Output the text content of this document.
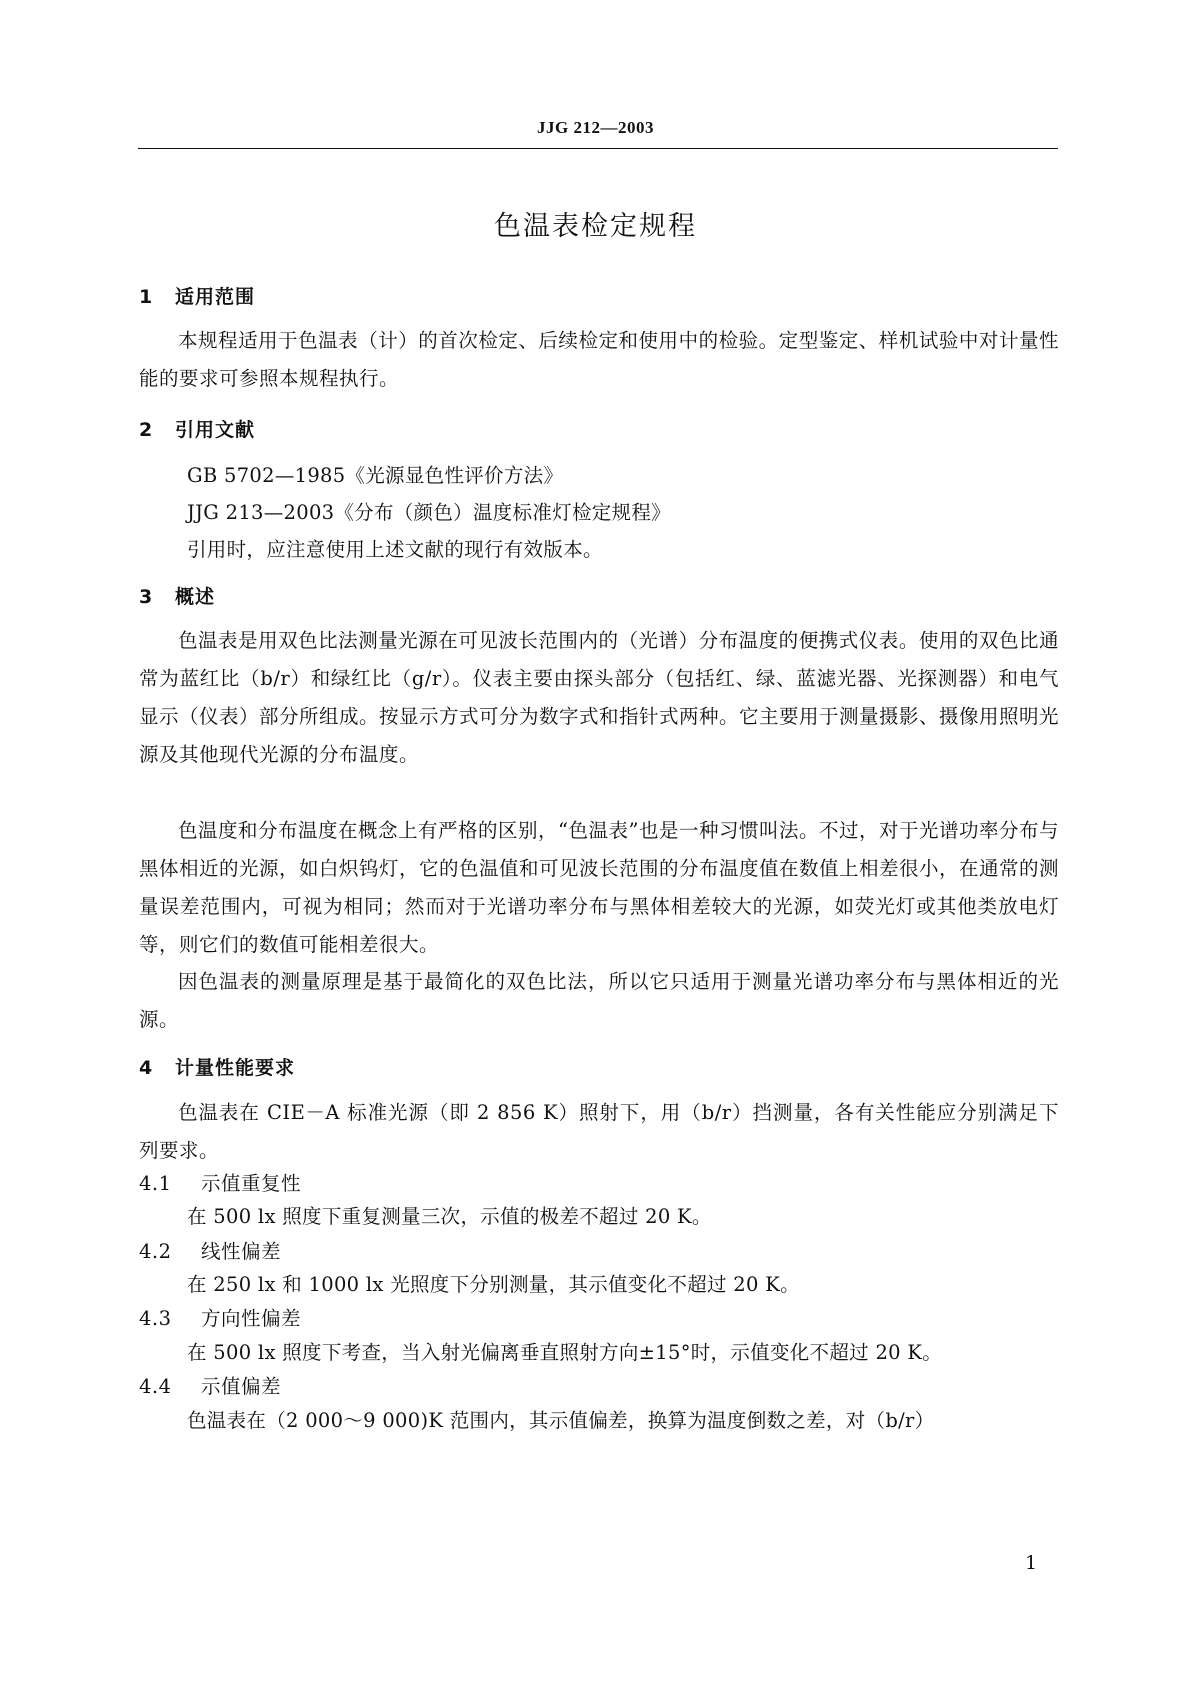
JJG 212—2003
色温表检定规程
1 适用范围
本规程适用于色温表（计）的首次检定、后续检定和使用中的检验。定型鉴定、样机试验中对计量性能的要求可参照本规程执行。
2 引用文献
GB 5702—1985《光源显色性评价方法》
JJG 213—2003《分布（颜色）温度标准灯检定规程》
引用时，应注意使用上述文献的现行有效版本。
3 概述
色温表是用双色比法测量光源在可见波长范围内的（光谱）分布温度的便携式仪表。使用的双色比通常为蓝红比（b/r）和绿红比（g/r）。仪表主要由探头部分（包括红、绿、蓝滤光器、光探测器）和电气显示（仪表）部分所组成。按显示方式可分为数字式和指针式两种。它主要用于测量摄影、摄像用照明光源及其他现代光源的分布温度。
色温度和分布温度在概念上有严格的区别，“色温表”也是一种习惯叫法。不过，对于光谱功率分布与黑体相近的光源，如白炽钨灯，它的色温值和可见波长范围的分布温度值在数值上相差很小，在通常的测量误差范围内，可视为相同；然而对于光谱功率分布与黑体相差较大的光源，如荧光灯或其他类放电灯等，则它们的数值可能相差很大。
因色温表的测量原理是基于最简化的双色比法，所以它只适用于测量光谱功率分布与黑体相近的光源。
4 计量性能要求
色温表在 CIE－A 标准光源（即 2 856 K）照射下，用（b/r）挡测量，各有关性能应分别满足下列要求。
4.1 示值重复性
在 500 lx 照度下重复测量三次，示值的极差不超过 20 K。
4.2 线性偏差
在 250 lx 和 1000 lx 光照度下分别测量，其示值变化不超过 20 K。
4.3 方向性偏差
在 500 lx 照度下考查，当入射光偏离垂直照射方向±15°时，示值变化不超过 20 K。
4.4 示值偏差
色温表在（2 000～9 000)K 范围内，其示值偏差，换算为温度倒数之差，对（b/r）
1
